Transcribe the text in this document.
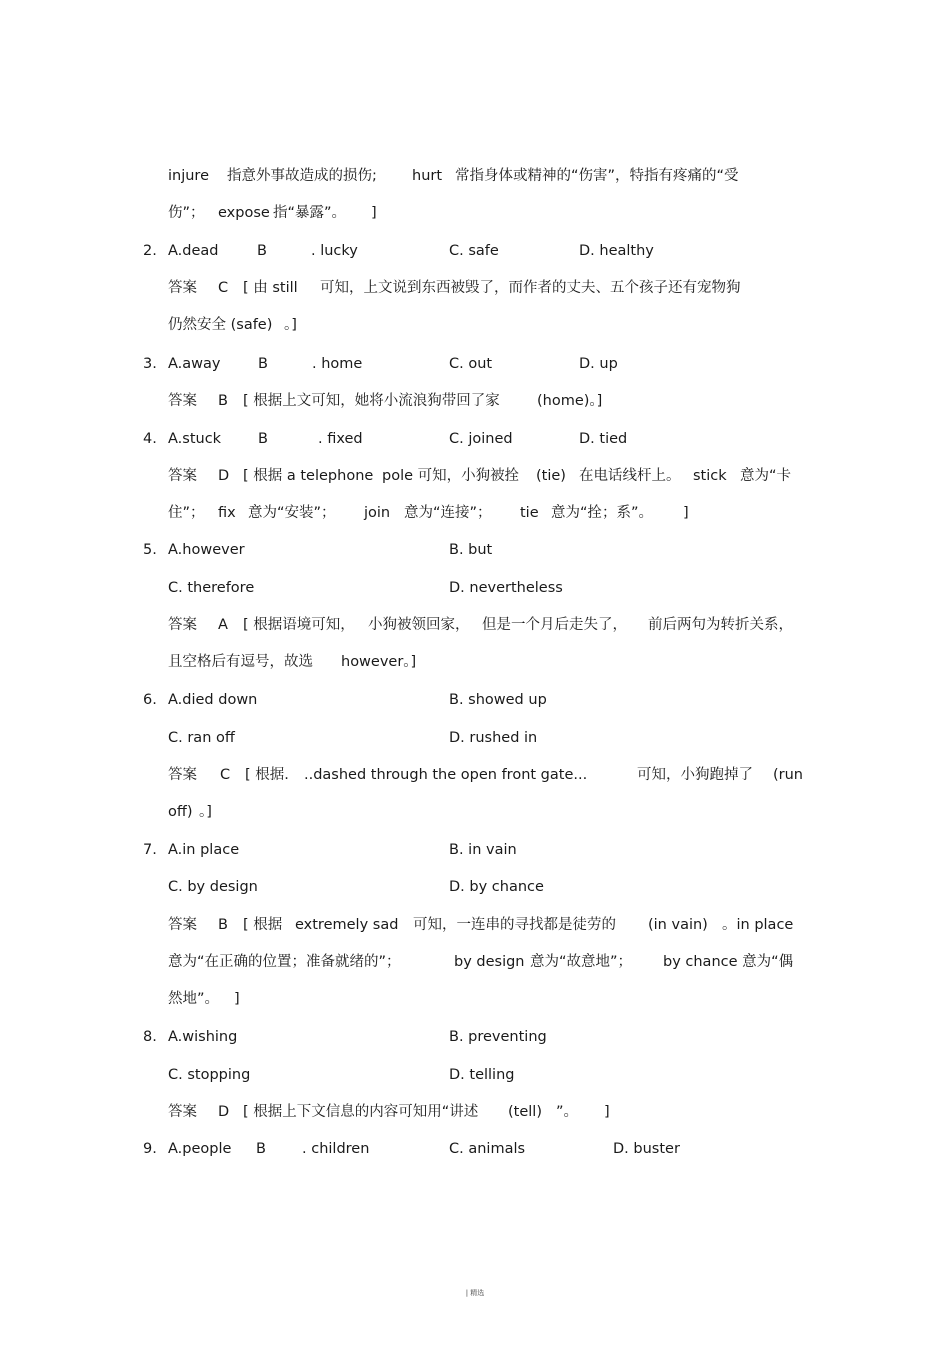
injure 指意外事故造成的损伤; hurt 常指身体或精神的“伤害”，特指有疼痛的“受
伤”； expose 指“暴露”。 ]
2. A.dead	B	. lucky	C. safe	D. healthy
答案 C [ 由 still 可知，上文说到东西被毁了，而作者的丈夫、五个孩子还有宠物狗
仍然安全 (safe) 。]
3. A.away	B	. home	C. out	D. up
答案 B [ 根据上文可知，她将小流浪狗带回了家	(home)。]
4. A.stuck	B	. fixed	C. joined	D. tied
答案 D [ 根据 a telephone pole 可知，小狗被拴 (tie) 在电话线杆上。 stick 意为“卡
住”； fix 意为“安装”； join 意为“连接”； tie 意为“拴；系”。 ]
5. A.however	B. but
C. therefore	D. nevertheless
答案 A [ 根据语境可知， 小狗被领回家， 但是一个月后走失了， 前后两句为转折关系，
且空格后有逗号，故选 however。]
6. A.died down	B. showed up
C. ran off	D. rushed in
答案 C [ 根据. ..dashed through the open front gate...	可知，小狗跑掉了 (run
off) 。]
7. A.in place	B. in vain
C. by design	D. by chance
答案 B [ 根据 extremely sad 可知，一连串的寻找都是徒劳的 (in vain) 。in place
意为“在正确的位置；准备就绪的”；	by design 意为“故意地”； by chance 意为“偶
然地”。 ]
8. A.wishing	B. preventing
C. stopping	D. telling
答案 D [ 根据上下文信息的内容可知用“讲述 (tell) ”。 ]
9. A.people B . children	C. animals	D. buster
| 精选
